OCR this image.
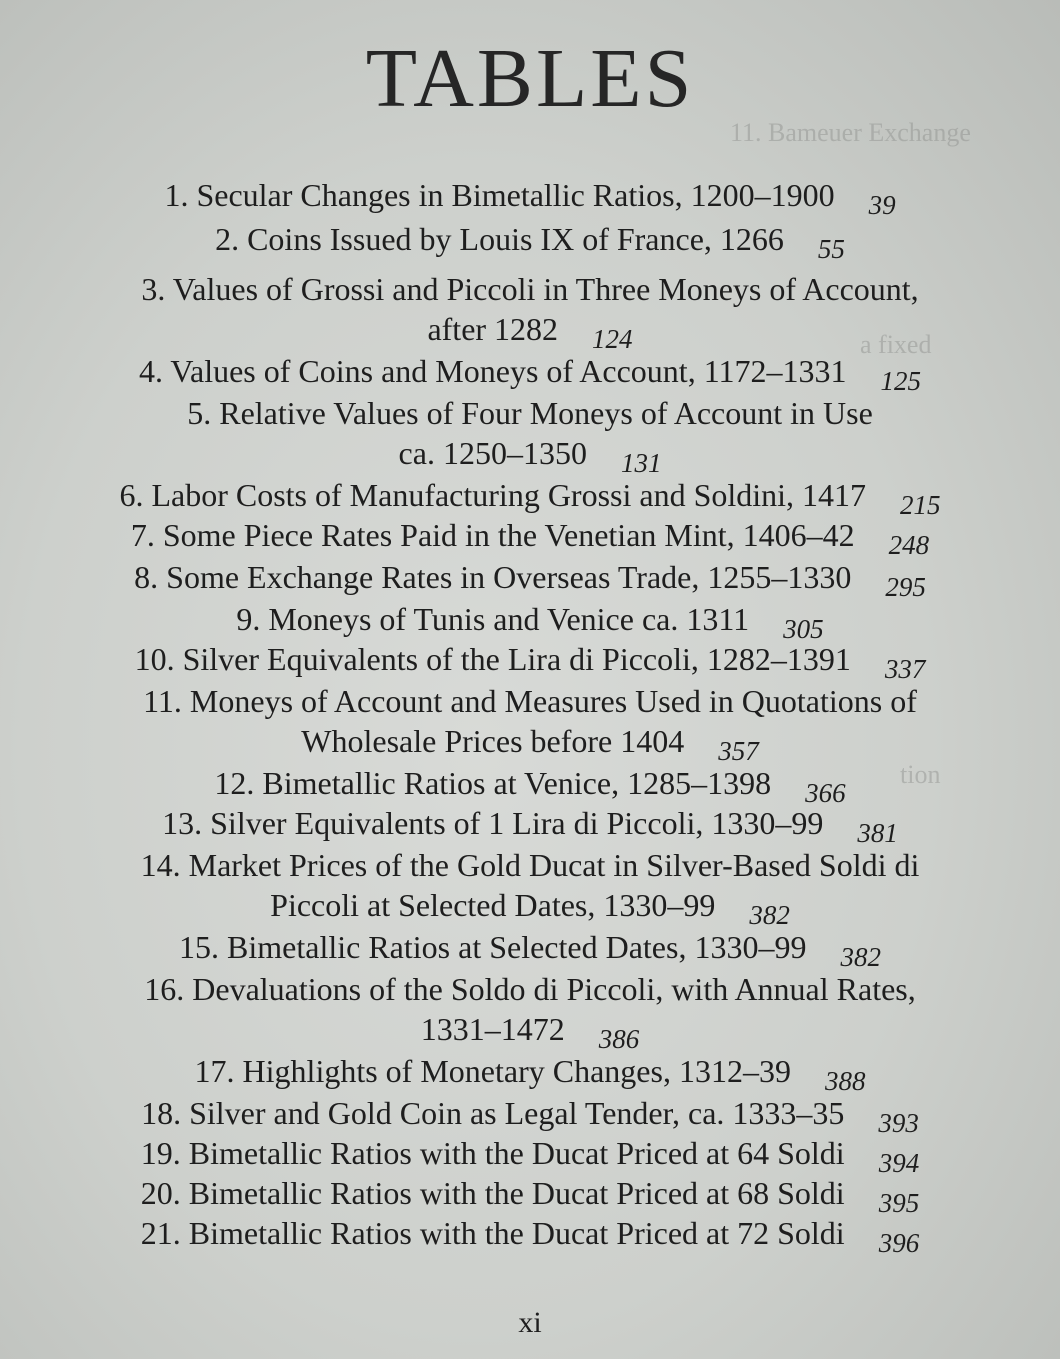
11. Bameuer Exchange
a fixed
tion
TABLES
1. Secular Changes in Bimetallic Ratios, 1200–1900 39
2. Coins Issued by Louis IX of France, 1266 55
3. Values of Grossi and Piccoli in Three Moneys of Account,
after 1282 124
4. Values of Coins and Moneys of Account, 1172–1331 125
5. Relative Values of Four Moneys of Account in Use
ca. 1250–1350 131
6. Labor Costs of Manufacturing Grossi and Soldini, 1417 215
7. Some Piece Rates Paid in the Venetian Mint, 1406–42 248
8. Some Exchange Rates in Overseas Trade, 1255–1330 295
9. Moneys of Tunis and Venice ca. 1311 305
10. Silver Equivalents of the Lira di Piccoli, 1282–1391 337
11. Moneys of Account and Measures Used in Quotations of
Wholesale Prices before 1404 357
12. Bimetallic Ratios at Venice, 1285–1398 366
13. Silver Equivalents of 1 Lira di Piccoli, 1330–99 381
14. Market Prices of the Gold Ducat in Silver-Based Soldi di
Piccoli at Selected Dates, 1330–99 382
15. Bimetallic Ratios at Selected Dates, 1330–99 382
16. Devaluations of the Soldo di Piccoli, with Annual Rates,
1331–1472 386
17. Highlights of Monetary Changes, 1312–39 388
18. Silver and Gold Coin as Legal Tender, ca. 1333–35 393
19. Bimetallic Ratios with the Ducat Priced at 64 Soldi 394
20. Bimetallic Ratios with the Ducat Priced at 68 Soldi 395
21. Bimetallic Ratios with the Ducat Priced at 72 Soldi 396
xi
